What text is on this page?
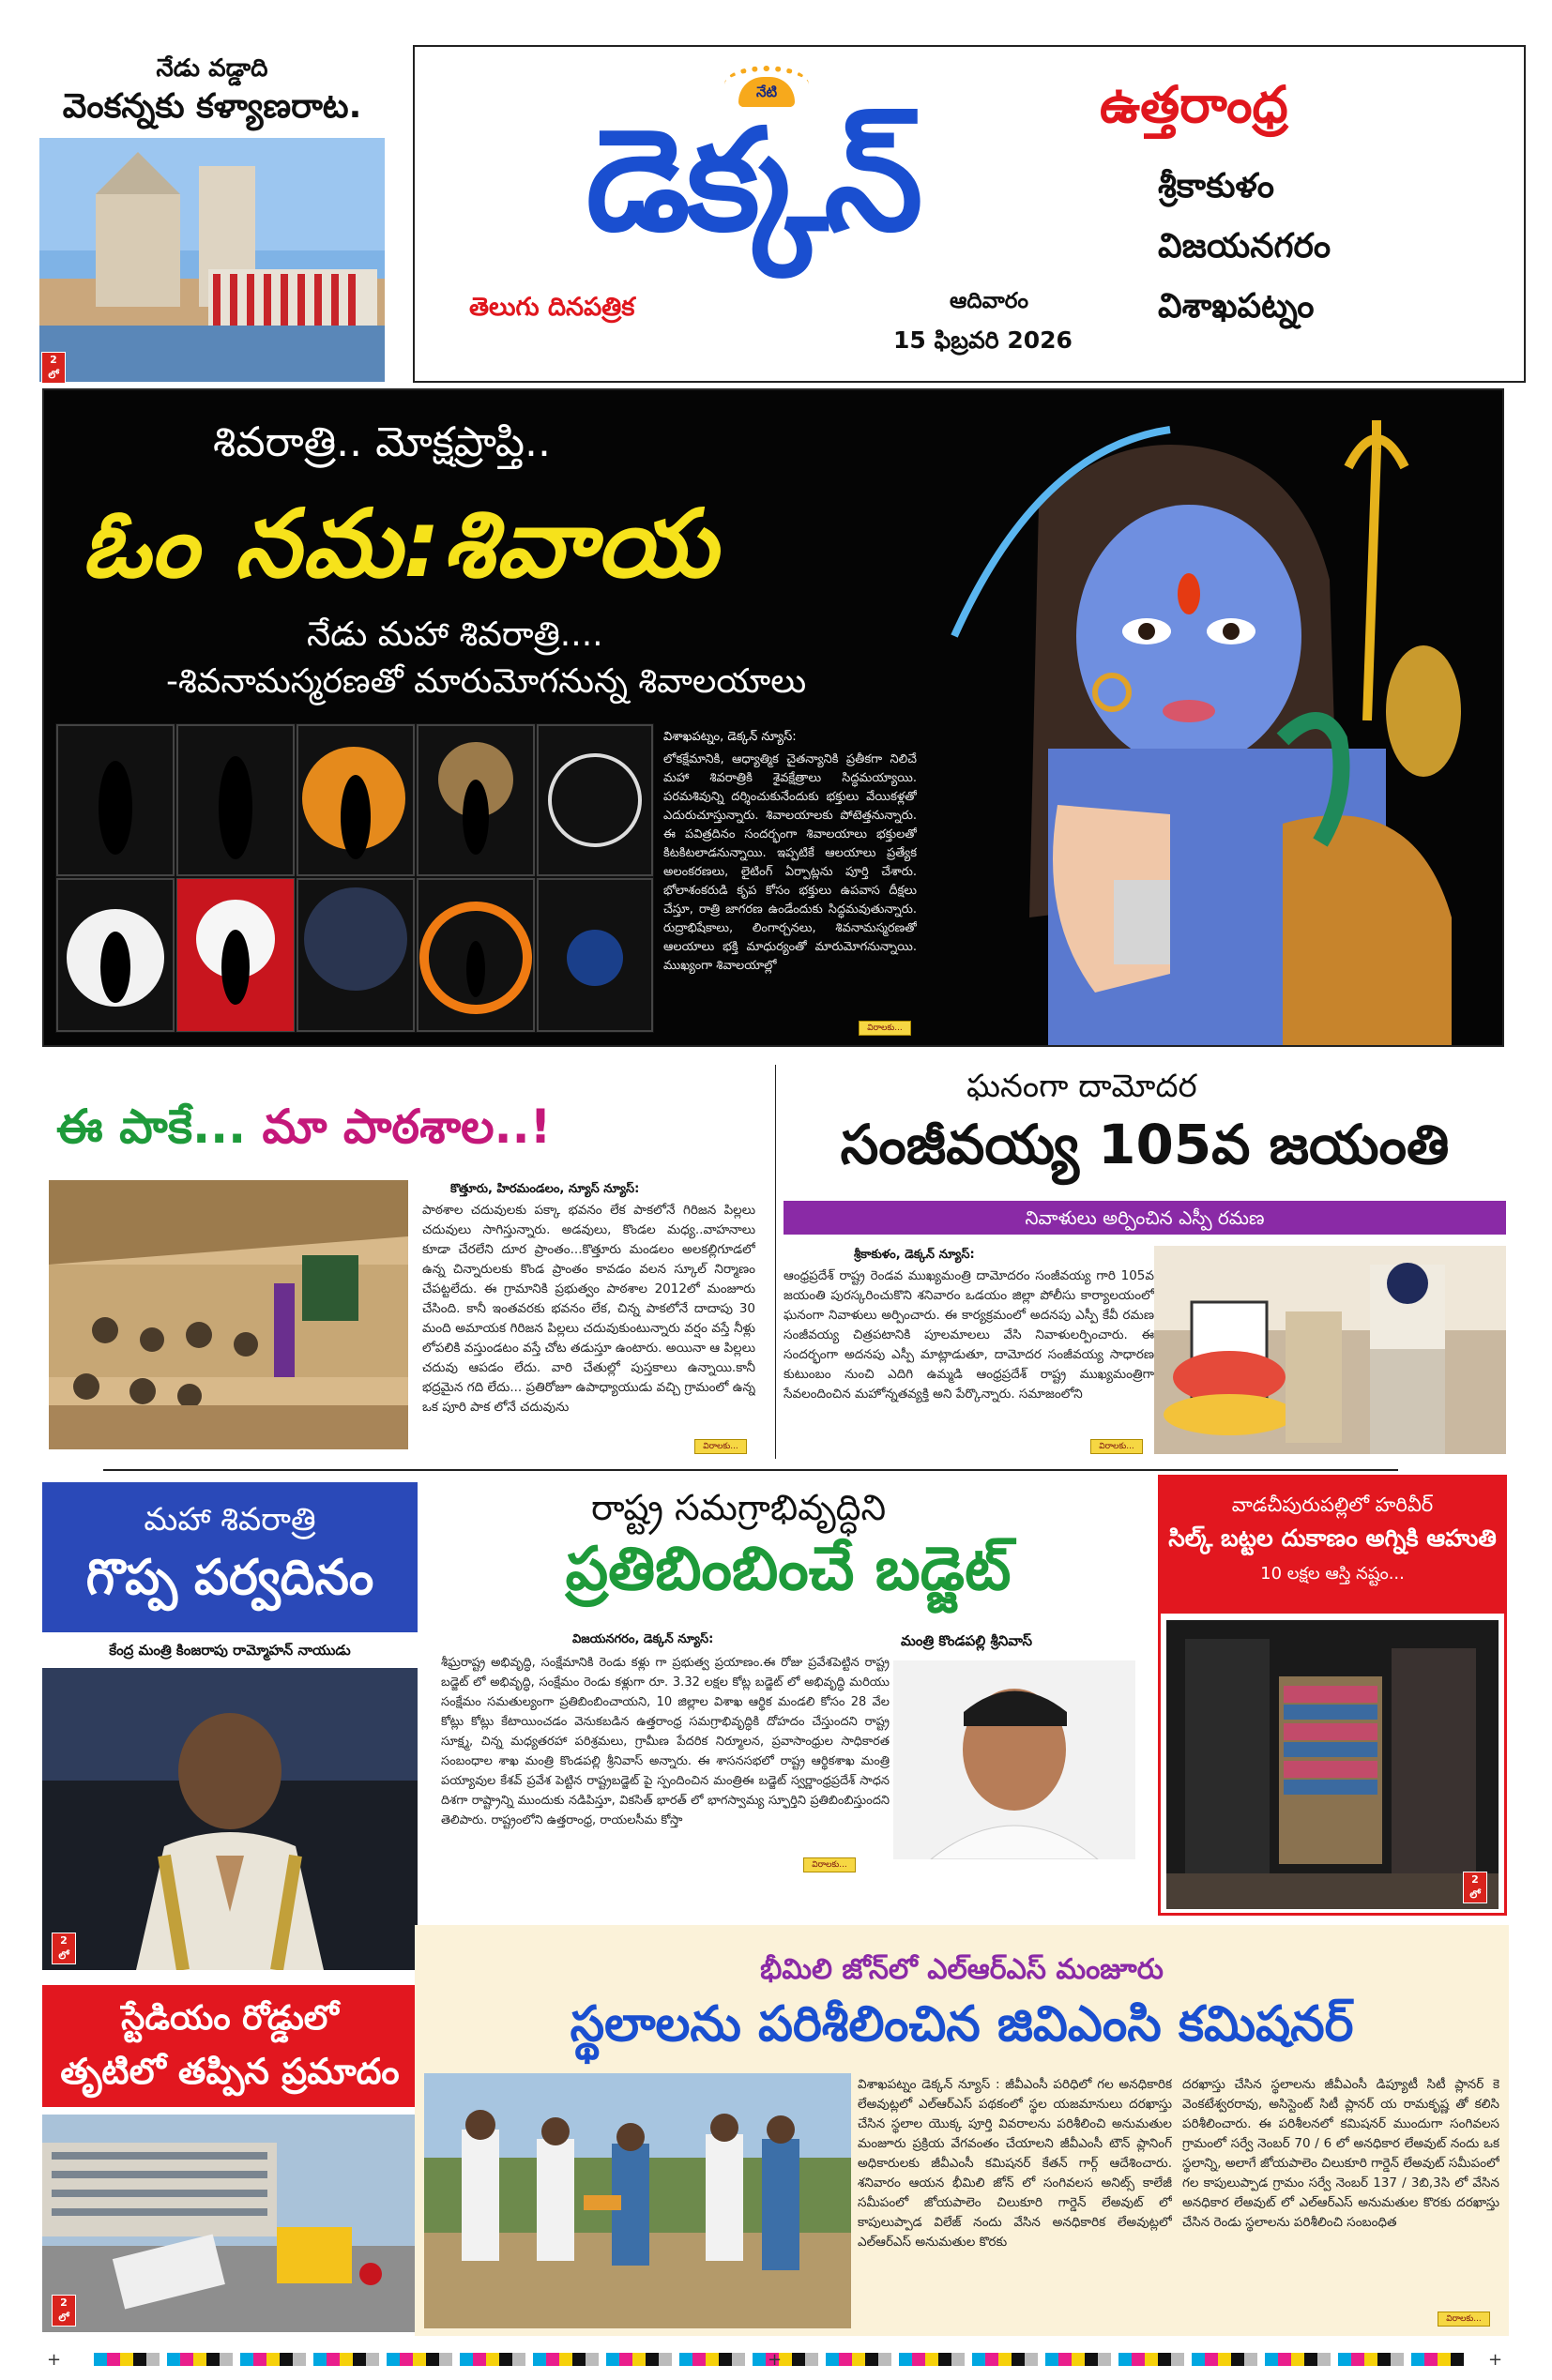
నేడు వడ్డాది
వెంకన్నకు కళ్యాణరాట.
2
లో
నేటి
డెక్కన్
తెలుగు దినపత్రిక	ఆదివారం
15 ఫిబ్రవరి 2026
ఉత్తరాంధ్ర
శ్రీకాకుళం
విజయనగరం
విశాఖపట్నం
శివరాత్రి.. మోక్షప్రాప్తి..
ఓం నమ:శివాయ
నేడు మహా శివరాత్రి....
-శివనామస్మరణతో మారుమోగనున్న శివాలయాలు
విశాఖపట్నం, డెక్కన్ న్యూస్:
లోకక్షేమానికి, ఆధ్యాత్మిక చైతన్యానికి ప్రతీకగా నిలిచే మహా శివరాత్రికి శైవక్షేత్రాలు సిద్ధమయ్యాయి. పరమశివున్ని దర్శించుకునేందుకు భక్తులు వేయికళ్లతో ఎదురుచూస్తున్నారు. శివాలయాలకు పోటెత్తనున్నారు. ఈ పవిత్రదినం సందర్భంగా శివాలయాలు భక్తులతో కిటకిటలాడనున్నాయి. ఇప్పటికే ఆలయాలు ప్రత్యేక అలంకరణలు, లైటింగ్ ఏర్పాట్లను పూర్తి చేశారు. భోలాశంకరుడి కృప కోసం భక్తులు ఉపవాస దీక్షలు చేస్తూ, రాత్రి జాగరణ ఉండేందుకు సిద్ధమవుతున్నారు. రుద్రాభిషేకాలు, లింగార్చనలు, శివనామస్మరణతో ఆలయాలు భక్తి మాధుర్యంతో మారుమోగనున్నాయి. ముఖ్యంగా శివాలయాల్లో
విరాలకు...
ఈ పాకే... మా పాఠశాల..!
కొత్తూరు, హిరమండలం, న్యూస్ న్యూస్:
పాఠశాల చదువులకు పక్కా భవనం లేక పాకలోనే గిరిజన పిల్లలు చదువులు సాగిస్తున్నారు. అడవులు, కొండల మధ్య..వాహనాలు కూడా చేరలేని దూర ప్రాంతం...కొత్తూరు మండలం అలకల్లిగూడలో ఉన్న చిన్నారులకు కొండ ప్రాంతం కావడం వలన స్కూల్ నిర్మాణం చేపట్టలేదు. ఈ గ్రామానికి ప్రభుత్వం పాఠశాల 2012లో మంజూరు చేసింది. కానీ ఇంతవరకు భవనం లేక, చిన్న పాకలోనే దాదాపు 30 మంది అమాయక గిరిజన పిల్లలు చదువుకుంటున్నారు వర్షం వస్తే నీళ్లు లోపలికి వస్తుండటం వస్తే చోట తడుస్తూ ఉంటారు. అయినా ఆ పిల్లలు చదువు ఆపడం లేదు. వారి చేతుల్లో పుస్తకాలు ఉన్నాయి.కానీ భద్రమైన గది లేదు... ప్రతిరోజూ ఉపాధ్యాయుడు వచ్చి గ్రామంలో ఉన్న ఒక పూరి పాక లోనే చదువును
విరాలకు...
ఘనంగా దామోదర
సంజీవయ్య 105వ జయంతి
నివాళులు అర్పించిన ఎస్పీ రమణ
శ్రీకాకుళం, డెక్కన్ న్యూస్:
ఆంధ్రప్రదేశ్ రాష్ట్ర రెండవ ముఖ్యమంత్రి దామోదరం సంజీవయ్య గారి 105వ జయంతి పురస్కరించుకొని శనివారం ఒడయం జిల్లా పోలీసు కార్యాలయంలో ఘనంగా నివాళులు అర్పించారు. ఈ కార్యక్రమంలో అదనపు ఎస్పీ కేవీ రమణ సంజీవయ్య చిత్రపటానికి పూలమాలలు వేసి నివాళులర్పించారు. ఈ సందర్భంగా అదనపు ఎస్పీ మాట్లాడుతూ, దామోదర సంజీవయ్య సాధారణ కుటుంబం నుంచి ఎదిగి ఉమ్మడి ఆంధ్రప్రదేశ్ రాష్ట్ర ముఖ్యమంత్రిగా సేవలందించిన మహోన్నతవ్యక్తి అని పేర్కొన్నారు. సమాజంలోని
విరాలకు...
మహా శివరాత్రి
గొప్ప పర్వదినం
కేంద్ర మంత్రి కింజరాపు రామ్మోహన్ నాయుడు
2
లో
రాష్ట్ర సమగ్రాభివృద్ధిని
ప్రతిబింబించే బడ్జెట్
విజయనగరం, డెక్కన్ న్యూస్:	మంత్రి కొండపల్లి శ్రీనివాస్
శీఘ్రరాష్ట్ర అభివృద్ధి, సంక్షేమానికి రెండు కళ్లు గా ప్రభుత్వ ప్రయాణం.ఈ రోజు ప్రవేశపెట్టిన రాష్ట్ర బడ్జెట్ లో అభివృద్ధి, సంక్షేమం రెండు కళ్లుగా రూ. 3.32 లక్షల కోట్ల బడ్జెట్ లో అభివృద్ధి మరియు సంక్షేమం సమతుల్యంగా ప్రతిబింబించాయని, 10 జిల్లాల విశాఖ ఆర్థిక మండలి కోసం 28 వేల కోట్లు కోట్లు కేటాయించడం వెనుకబడిన ఉత్తరాంధ్ర సమగ్రాభివృద్ధికి దోహదం చేస్తుందని రాష్ట్ర సూక్ష్మ, చిన్న మధ్యతరహా పరిశ్రమలు, గ్రామీణ పేదరిక నిర్మూలన, ప్రవాసాంధ్రుల సాధికారత సంబంధాల శాఖ మంత్రి కొండపల్లి శ్రీనివాస్ అన్నారు. ఈ శాసనసభలో రాష్ట్ర ఆర్థికశాఖ మంత్రి పయ్యావుల కేశవ్ ప్రవేశ పెట్టిన రాష్ట్రబడ్జెట్ పై స్పందించిన మంత్రిఈ బడ్జెట్ స్వర్ణాంధ్రప్రదేశ్ సాధన దిశగా రాష్ట్రాన్ని ముందుకు నడిపిస్తూ, వికసిత్ భారత్ లో భాగస్వామ్య స్ఫూర్తిని ప్రతిబింబిస్తుందని తెలిపారు. రాష్ట్రంలోని ఉత్తరాంధ్ర, రాయలసీమ కోస్తా
విరాలకు...
వాడచీపురుపల్లిలో హరివీర్
సిల్క్ బట్టల దుకాణం అగ్నికి ఆహుతి
10 లక్షల ఆస్తి నష్టం...
2
లో
స్టేడియం రోడ్డులో
తృటిలో తప్పిన ప్రమాదం
2
లో
భీమిలి జోన్‌లో ఎల్‌ఆర్‌ఎస్ మంజూరు
స్థలాలను పరిశీలించిన జివిఎంసి కమిషనర్
విశాఖపట్నం డెక్కన్ న్యూస్ : జీవీఎంసీ పరిధిలో గల అనధికారిక లేఅవుట్లలో ఎల్‌ఆర్‌ఎస్ పథకంలో స్థల యజమానులు దరఖాస్తు చేసిన స్థలాల యొక్క పూర్తి వివరాలను పరిశీలించి అనుమతుల మంజూరు ప్రక్రియ వేగవంతం చేయాలని జీవీఎంసీ టౌన్ ప్లానింగ్ అధికారులకు జీవీఎంసీ కమిషనర్ కేతన్ గార్గ్ ఆదేశించారు. శనివారం ఆయన భీమిలి జోన్ లో సంగివలస అనిట్స్ కాలేజీ సమీపంలో జోయపాలెం చిలుకూరి గార్డెన్ లేఅవుట్ లో కాపులుప్పాడ విలేజ్ నందు వేసిన అనధికారిక లేఅవుట్లలో ఎల్‌ఆర్‌ఎస్ అనుమతుల కొరకు
దరఖాస్తు చేసిన స్థలాలను జీవీఎంసీ డిప్యూటీ సిటీ ప్లానర్ కె వెంకటేశ్వరరావు, అసిస్టెంట్ సిటీ ప్లానర్ య రామకృష్ణ తో కలిసి పరిశీలించారు. ఈ పరిశీలనలో కమిషనర్ ముందుగా సంగివలస గ్రామంలో సర్వే నెంబర్ 70 / 6 లో అనధికార లేఅవుట్ నందు ఒక స్థలాన్ని, అలాగే జోయపాలెం చిలుకూరి గార్డెన్ లేఅవుట్ సమీపంలో గల కాపులుప్పాడ గ్రామం సర్వే నెంబర్ 137 / 3బి,3సి లో వేసిన అనధికార లేఅవుట్ లో ఎల్‌ఆర్‌ఎస్ అనుమతుల కొరకు దరఖాస్తు చేసిన రెండు స్థలాలను పరిశీలించి సంబంధిత
విరాలకు...
+	+	+
